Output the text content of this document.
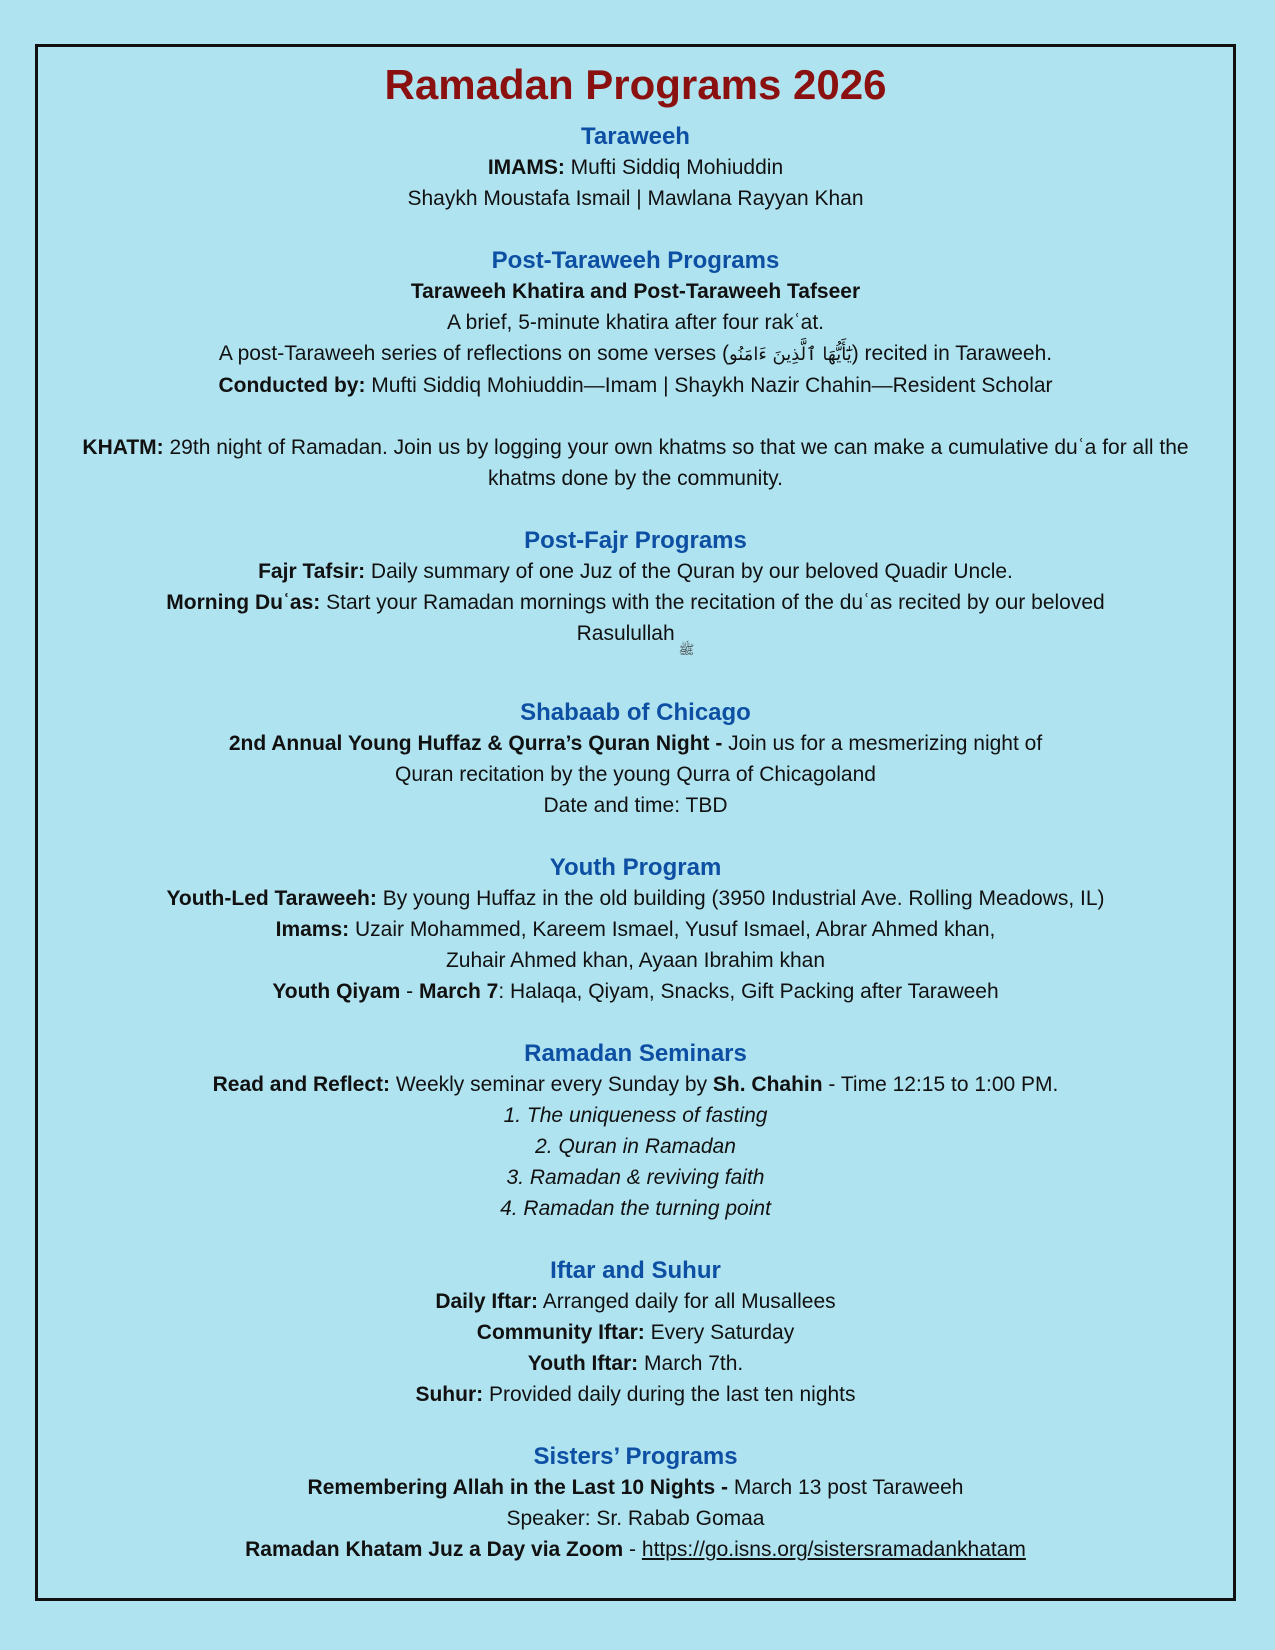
Ramadan Programs 2026
Taraweeh
IMAMS: Mufti Siddiq Mohiuddin
Shaykh Moustafa Ismail | Mawlana Rayyan Khan
Post-Taraweeh Programs
Taraweeh Khatira and Post-Taraweeh Tafseer
A brief, 5-minute khatira after four rakʿat.
A post-Taraweeh series of reflections on some verses (يَٰٓأَيُّهَا ٱلَّذِينَ ءَامَنُو) recited in Taraweeh.
Conducted by: Mufti Siddiq Mohiuddin—Imam | Shaykh Nazir Chahin—Resident Scholar
KHATM: 29th night of Ramadan. Join us by logging your own khatms so that we can make a cumulative duʿa for all the khatms done by the community.
Post-Fajr Programs
Fajr Tafsir: Daily summary of one Juz of the Quran by our beloved Quadir Uncle.
Morning Duʿas: Start your Ramadan mornings with the recitation of the duʿas recited by our beloved Rasulullahﷺ
Shabaab of Chicago
2nd Annual Young Huffaz & Qurra’s Quran Night - Join us for a mesmerizing night of
Quran recitation by the young Qurra of Chicagoland
Date and time: TBD
Youth Program
Youth-Led Taraweeh: By young Huffaz in the old building (3950 Industrial Ave. Rolling Meadows, IL)
Imams: Uzair Mohammed, Kareem Ismael, Yusuf Ismael, Abrar Ahmed khan,
Zuhair Ahmed khan, Ayaan Ibrahim khan
Youth Qiyam - March 7: Halaqa, Qiyam, Snacks, Gift Packing after Taraweeh
Ramadan Seminars
Read and Reflect: Weekly seminar every Sunday by Sh. Chahin - Time 12:15 to 1:00 PM.
1. The uniqueness of fasting
2. Quran in Ramadan
3. Ramadan & reviving faith
4. Ramadan the turning point
Iftar and Suhur
Daily Iftar: Arranged daily for all Musallees
Community Iftar: Every Saturday
Youth Iftar: March 7th.
Suhur: Provided daily during the last ten nights
Sisters’ Programs
Remembering Allah in the Last 10 Nights - March 13 post Taraweeh
Speaker: Sr. Rabab Gomaa
Ramadan Khatam Juz a Day via Zoom - https://go.isns.org/sistersramadankhatam
